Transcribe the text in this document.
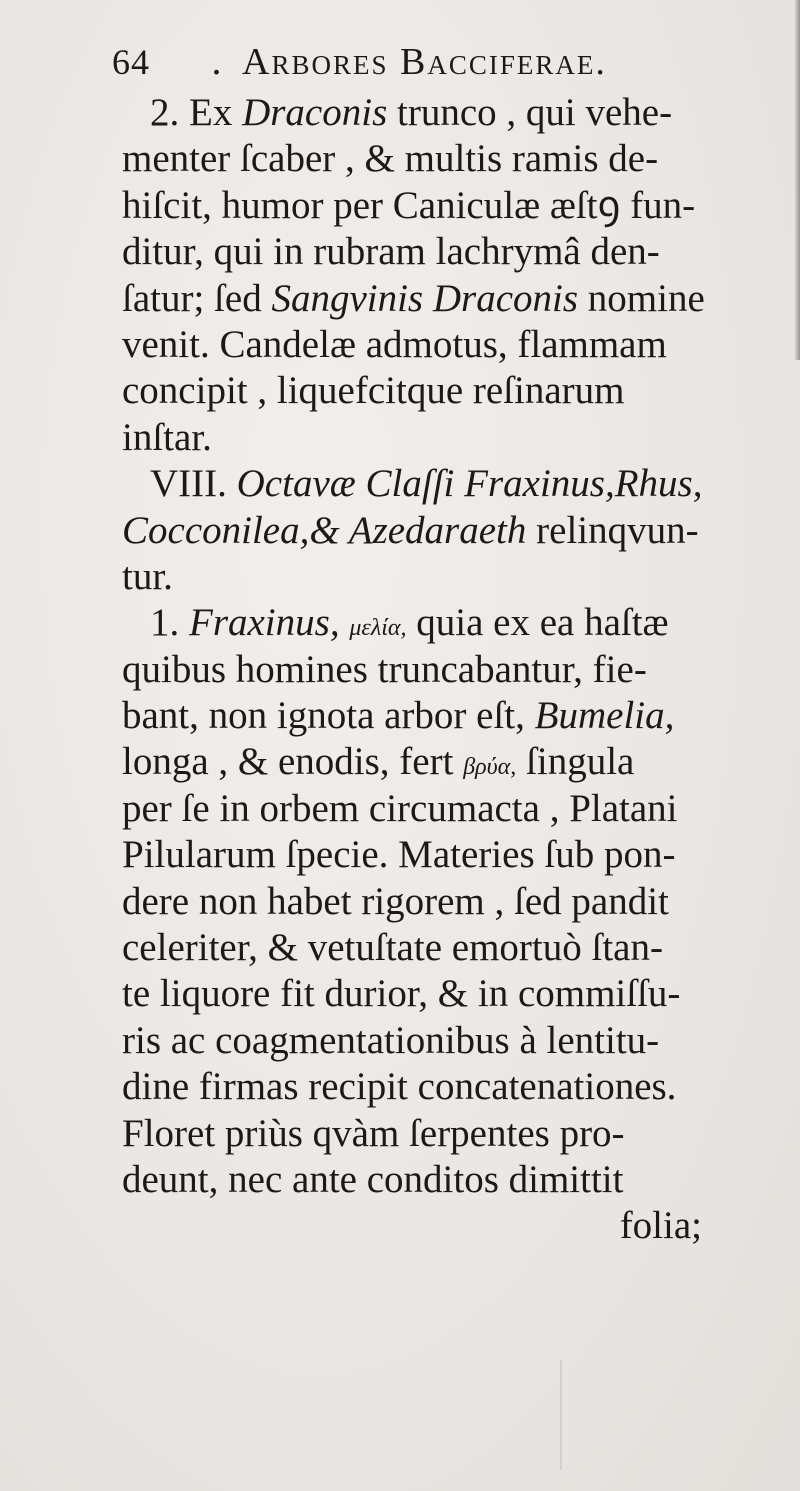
64	. Arbores Bacciferae.
2. Ex Draconis trunco , qui vehe-
menter ſcaber , & multis ramis de-
hiſcit, humor per Caniculæ æſtꝯ fun-
ditur, qui in rubram lachrymâ den-
ſatur; ſed Sangvinis Draconis nomine
venit. Candelæ admotus, flammam
concipit , liquefcitque reſinarum
inſtar.
VIII. Octavæ Claſſi Fraxinus,Rhus,
Cocconilea,& Azedaraeth relinqvun-
tur.
1. Fraxinus, μελία, quia ex ea haſtæ
quibus homines truncabantur, fie-
bant, non ignota arbor eſt, Bumelia,
longa , & enodis, fert βρύα, ſingula
per ſe in orbem circumacta , Platani
Pilularum ſpecie. Materies ſub pon-
dere non habet rigorem , ſed pandit
celeriter, & vetuſtate emortuò ſtan-
te liquore fit durior, & in commiſſu-
ris ac coagmentationibus à lentitu-
dine firmas recipit concatenationes.
Floret priùs qvàm ſerpentes pro-
deunt, nec ante conditos dimittit
folia;
